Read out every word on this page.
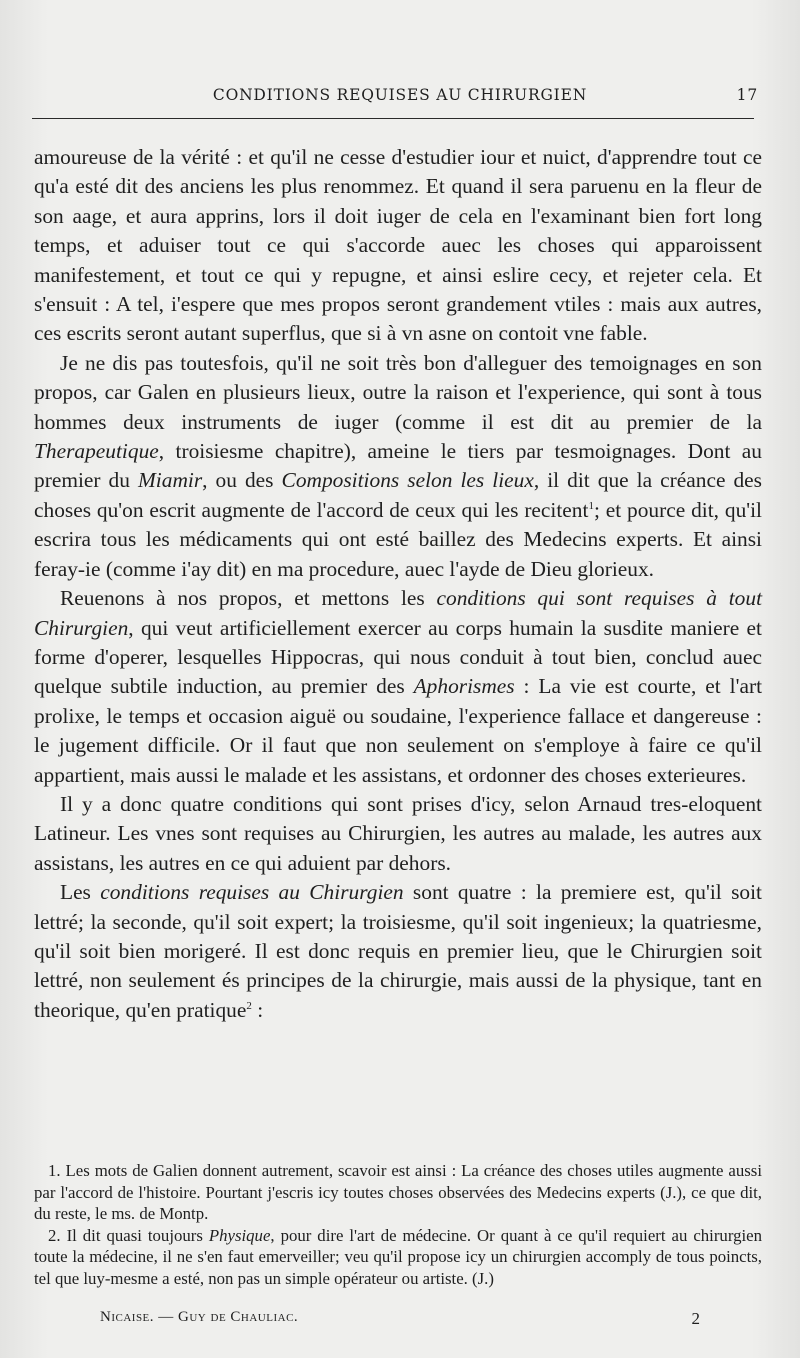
CONDITIONS REQUISES AU CHIRURGIEN	17

amoureuse de la vérité : et qu'il ne cesse d'estudier iour et nuict, d'apprendre tout ce qu'a esté dit des anciens les plus renommez. Et quand il sera paruenu en la fleur de son aage, et aura apprins, lors il doit iuger de cela en l'examinant bien fort long temps, et aduiser tout ce qui s'accorde auec les choses qui apparoissent manifestement, et tout ce qui y repugne, et ainsi eslire cecy, et rejeter cela. Et s'ensuit : A tel, i'espere que mes propos seront grandement vtiles : mais aux autres, ces escrits seront autant superflus, que si à vn asne on contoit vne fable.

Je ne dis pas toutesfois, qu'il ne soit très bon d'alleguer des temoignages en son propos, car Galen en plusieurs lieux, outre la raison et l'experience, qui sont à tous hommes deux instruments de iuger (comme il est dit au premier de la Therapeutique, troisiesme chapitre), ameine le tiers par tesmoignages. Dont au premier du Miamir, ou des Compositions selon les lieux, il dit que la créance des choses qu'on escrit augmente de l'accord de ceux qui les recitent$^1$; et pource dit, qu'il escrira tous les médicaments qui ont esté baillez des Medecins experts. Et ainsi feray-ie (comme i'ay dit) en ma procedure, auec l'ayde de Dieu glorieux.

Reuenons à nos propos, et mettons les conditions qui sont requises à tout Chirurgien, qui veut artificiellement exercer au corps humain la susdite maniere et forme d'operer, lesquelles Hippocras, qui nous conduit à tout bien, conclud auec quelque subtile induction, au premier des Aphorismes : La vie est courte, et l'art prolixe, le temps et occasion aiguë ou soudaine, l'experience fallace et dangereuse : le jugement difficile. Or il faut que non seulement on s'employe à faire ce qu'il appartient, mais aussi le malade et les assistans, et ordonner des choses exterieures.

Il y a donc quatre conditions qui sont prises d'icy, selon Arnaud tres-eloquent Latineur. Les vnes sont requises au Chirurgien, les autres au malade, les autres aux assistans, les autres en ce qui aduient par dehors.

Les conditions requises au Chirurgien sont quatre : la premiere est, qu'il soit lettré; la seconde, qu'il soit expert; la troisiesme, qu'il soit ingenieux; la quatriesme, qu'il soit bien morigeré. Il est donc requis en premier lieu, que le Chirurgien soit lettré, non seulement és principes de la chirurgie, mais aussi de la physique, tant en theorique, qu'en pratique$^2$ :

1. Les mots de Galien donnent autrement, scavoir est ainsi : La créance des choses utiles augmente aussi par l'accord de l'histoire. Pourtant j'escris icy toutes choses observées des Medecins experts (J.), ce que dit, du reste, le ms. de Montp.

2. Il dit quasi toujours Physique, pour dire l'art de médecine. Or quant à ce qu'il requiert au chirurgien toute la médecine, il ne s'en faut emerveiller; veu qu'il propose icy un chirurgien accomply de tous poincts, tel que luy-mesme a esté, non pas un simple opérateur ou artiste. (J.)

Nicaise. — Guy de Chauliac.	2
